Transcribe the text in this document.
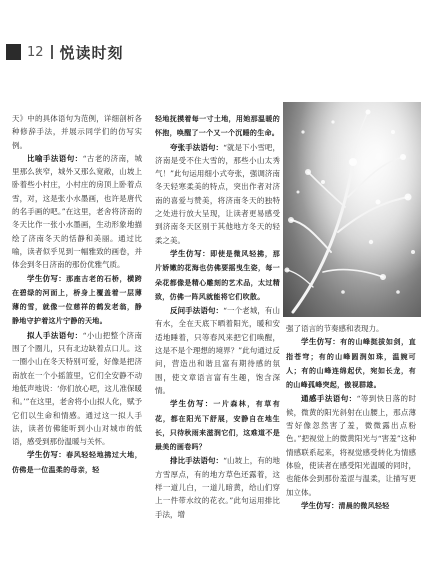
12 悦读时刻

天》中的具体语句为范例，详细剖析各种修辞手法，并展示同学们的仿写实例。

比喻手法语句：“古老的济南，城里那么狭窄，城外又那么宽敞，山坡上卧着些小村庄，小村庄的房顶上卧着点雪，对，这是张小水墨画，也许是唐代的名手画的吧。”在这里，老舍将济南的冬天比作一张小水墨画，生动形象地描绘了济南冬天的恬静和美丽。通过比喻，读者似乎见到一幅雅致的画卷，并体会到冬日济南的那份优雅气质。

学生仿写：那座古老的石桥，横跨在碧绿的河面上，桥身上覆盖着一层薄薄的雪，就像一位慈祥的鹤发老翁，静静地守护着这片宁静的天地。

拟人手法语句：“小山把整个济南围了个圈儿，只有北边缺着点口儿。这一圈小山在冬天特别可爱，好像是把济南放在一个小摇篮里，它们全安静不动地低声地说：‘你们放心吧，这儿准保暖和。’”在这里，老舍将小山拟人化，赋予它们以生命和情感。通过这一拟人手法，读者仿佛能听到小山对城市的低语，感受到那份温暖与关怀。

学生仿写：春风轻轻地拂过大地，仿佛是一位温柔的母亲，轻

轻地抚摸着每一寸土地，用她那温暖的怀抱，唤醒了一个又一个沉睡的生命。

夸张手法语句：“就是下小雪吧，济南是受不住大雪的，那些小山太秀气！”此句运用细小式夸张，强调济南冬天轻寒柔美的特点，突出作者对济南的喜爱与赞美，将济南冬天的独特之处进行放大呈现，让读者更易感受到济南冬天区别于其他地方冬天的轻柔之美。

学生仿写：即使是微风轻拂，那片娇嫩的花海也仿佛要摇曳生姿，每一朵花都像是精心雕刻的艺术品，太过精致，仿佛一阵风就能将它们吹散。

反问手法语句：“一个老城，有山有水，全在天底下晒着阳光，暖和安适地睡着，只等春风来把它们唤醒，这是不是个理想的境界？”此句通过反问，营造出和谐且富有期待感的氛围，使文章语言富有生趣，饱含深情。

学生仿写：一片森林，有草有花，都在阳光下舒展，安静自在地生长，只待秋雨来滋润它们，这难道不是最美的画卷吗？

排比手法语句：“山坡上，有的地方雪厚点，有的地方草色还露着，这样一道儿白，一道儿暗黄，给山们穿上一件带水纹的花衣。”此句运用排比手法，增

强了语言的节奏感和表现力。

学生仿写：有的山峰挺拔如剑，直指苍穹；有的山峰圆润如珠，温婉可人；有的山峰连绵起伏，宛如长龙，有的山峰孤峰突起，傲视群雄。

通感手法语句：“等到快日落的时候，微黄的阳光斜射在山腰上，那点薄雪好像忽然害了羞，微微露出点粉色。”把视觉上的微黄阳光与“害羞”这种情感联系起来，将视觉感受转化为情感体验，使读者在感受阳光温暖的同时，也能体会到那份羞涩与温柔，让描写更加立体。

学生仿写：清晨的微风轻轻
